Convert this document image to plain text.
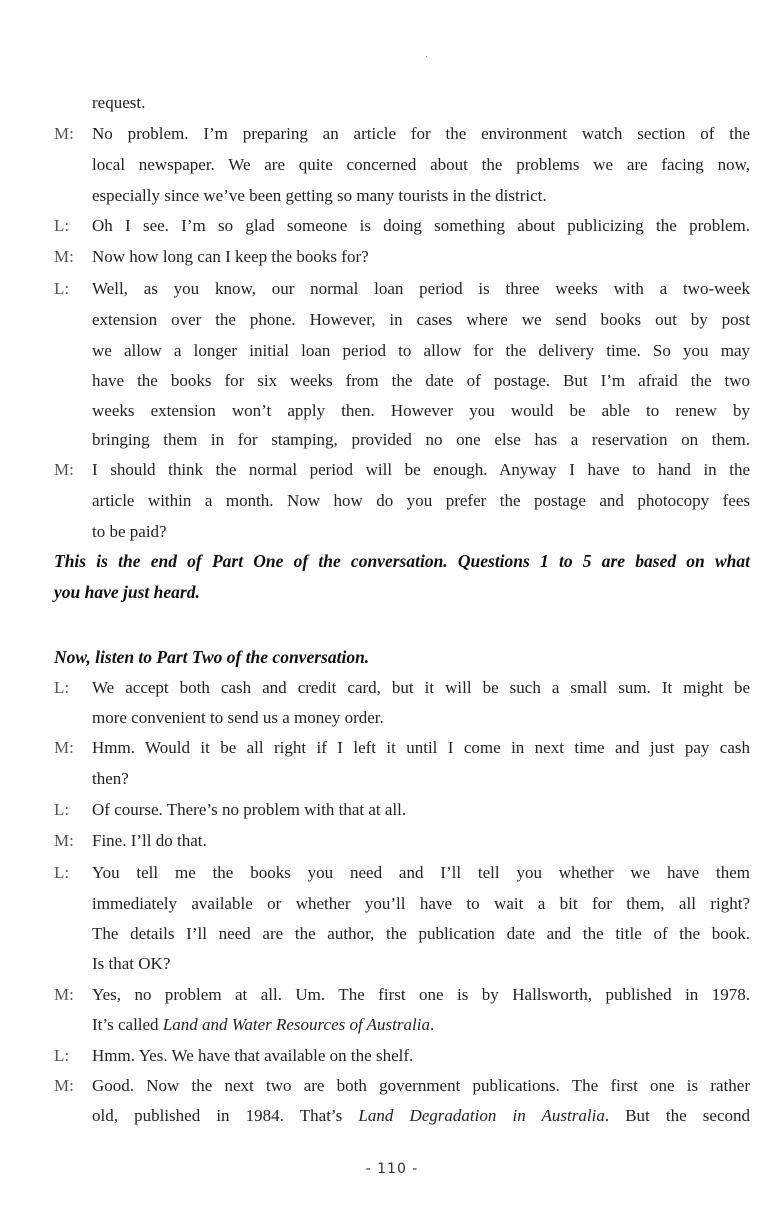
request.
M: No problem. I’m preparing an article for the environment watch section of the
local newspaper. We are quite concerned about the problems we are facing now,
especially since we’ve been getting so many tourists in the district.
L: Oh I see. I’m so glad someone is doing something about publicizing the problem.
M: Now how long can I keep the books for?
L: Well, as you know, our normal loan period is three weeks with a two-week
extension over the phone. However, in cases where we send books out by post
we allow a longer initial loan period to allow for the delivery time. So you may
have the books for six weeks from the date of postage. But I’m afraid the two
weeks extension won’t apply then. However you would be able to renew by
bringing them in for stamping, provided no one else has a reservation on them.
M: I should think the normal period will be enough. Anyway I have to hand in the
article within a month. Now how do you prefer the postage and photocopy fees
to be paid?
This is the end of Part One of the conversation. Questions 1 to 5 are based on what
you have just heard.
Now, listen to Part Two of the conversation.
L: We accept both cash and credit card, but it will be such a small sum. It might be
more convenient to send us a money order.
M: Hmm. Would it be all right if I left it until I come in next time and just pay cash
then?
L: Of course. There’s no problem with that at all.
M: Fine. I’ll do that.
L: You tell me the books you need and I’ll tell you whether we have them
immediately available or whether you’ll have to wait a bit for them, all right?
The details I’ll need are the author, the publication date and the title of the book.
Is that OK?
M: Yes, no problem at all. Um. The first one is by Hallsworth, published in 1978.
It’s called Land and Water Resources of Australia.
L: Hmm. Yes. We have that available on the shelf.
M: Good. Now the next two are both government publications. The first one is rather
old, published in 1984. That’s Land Degradation in Australia. But the second
- 110 -
